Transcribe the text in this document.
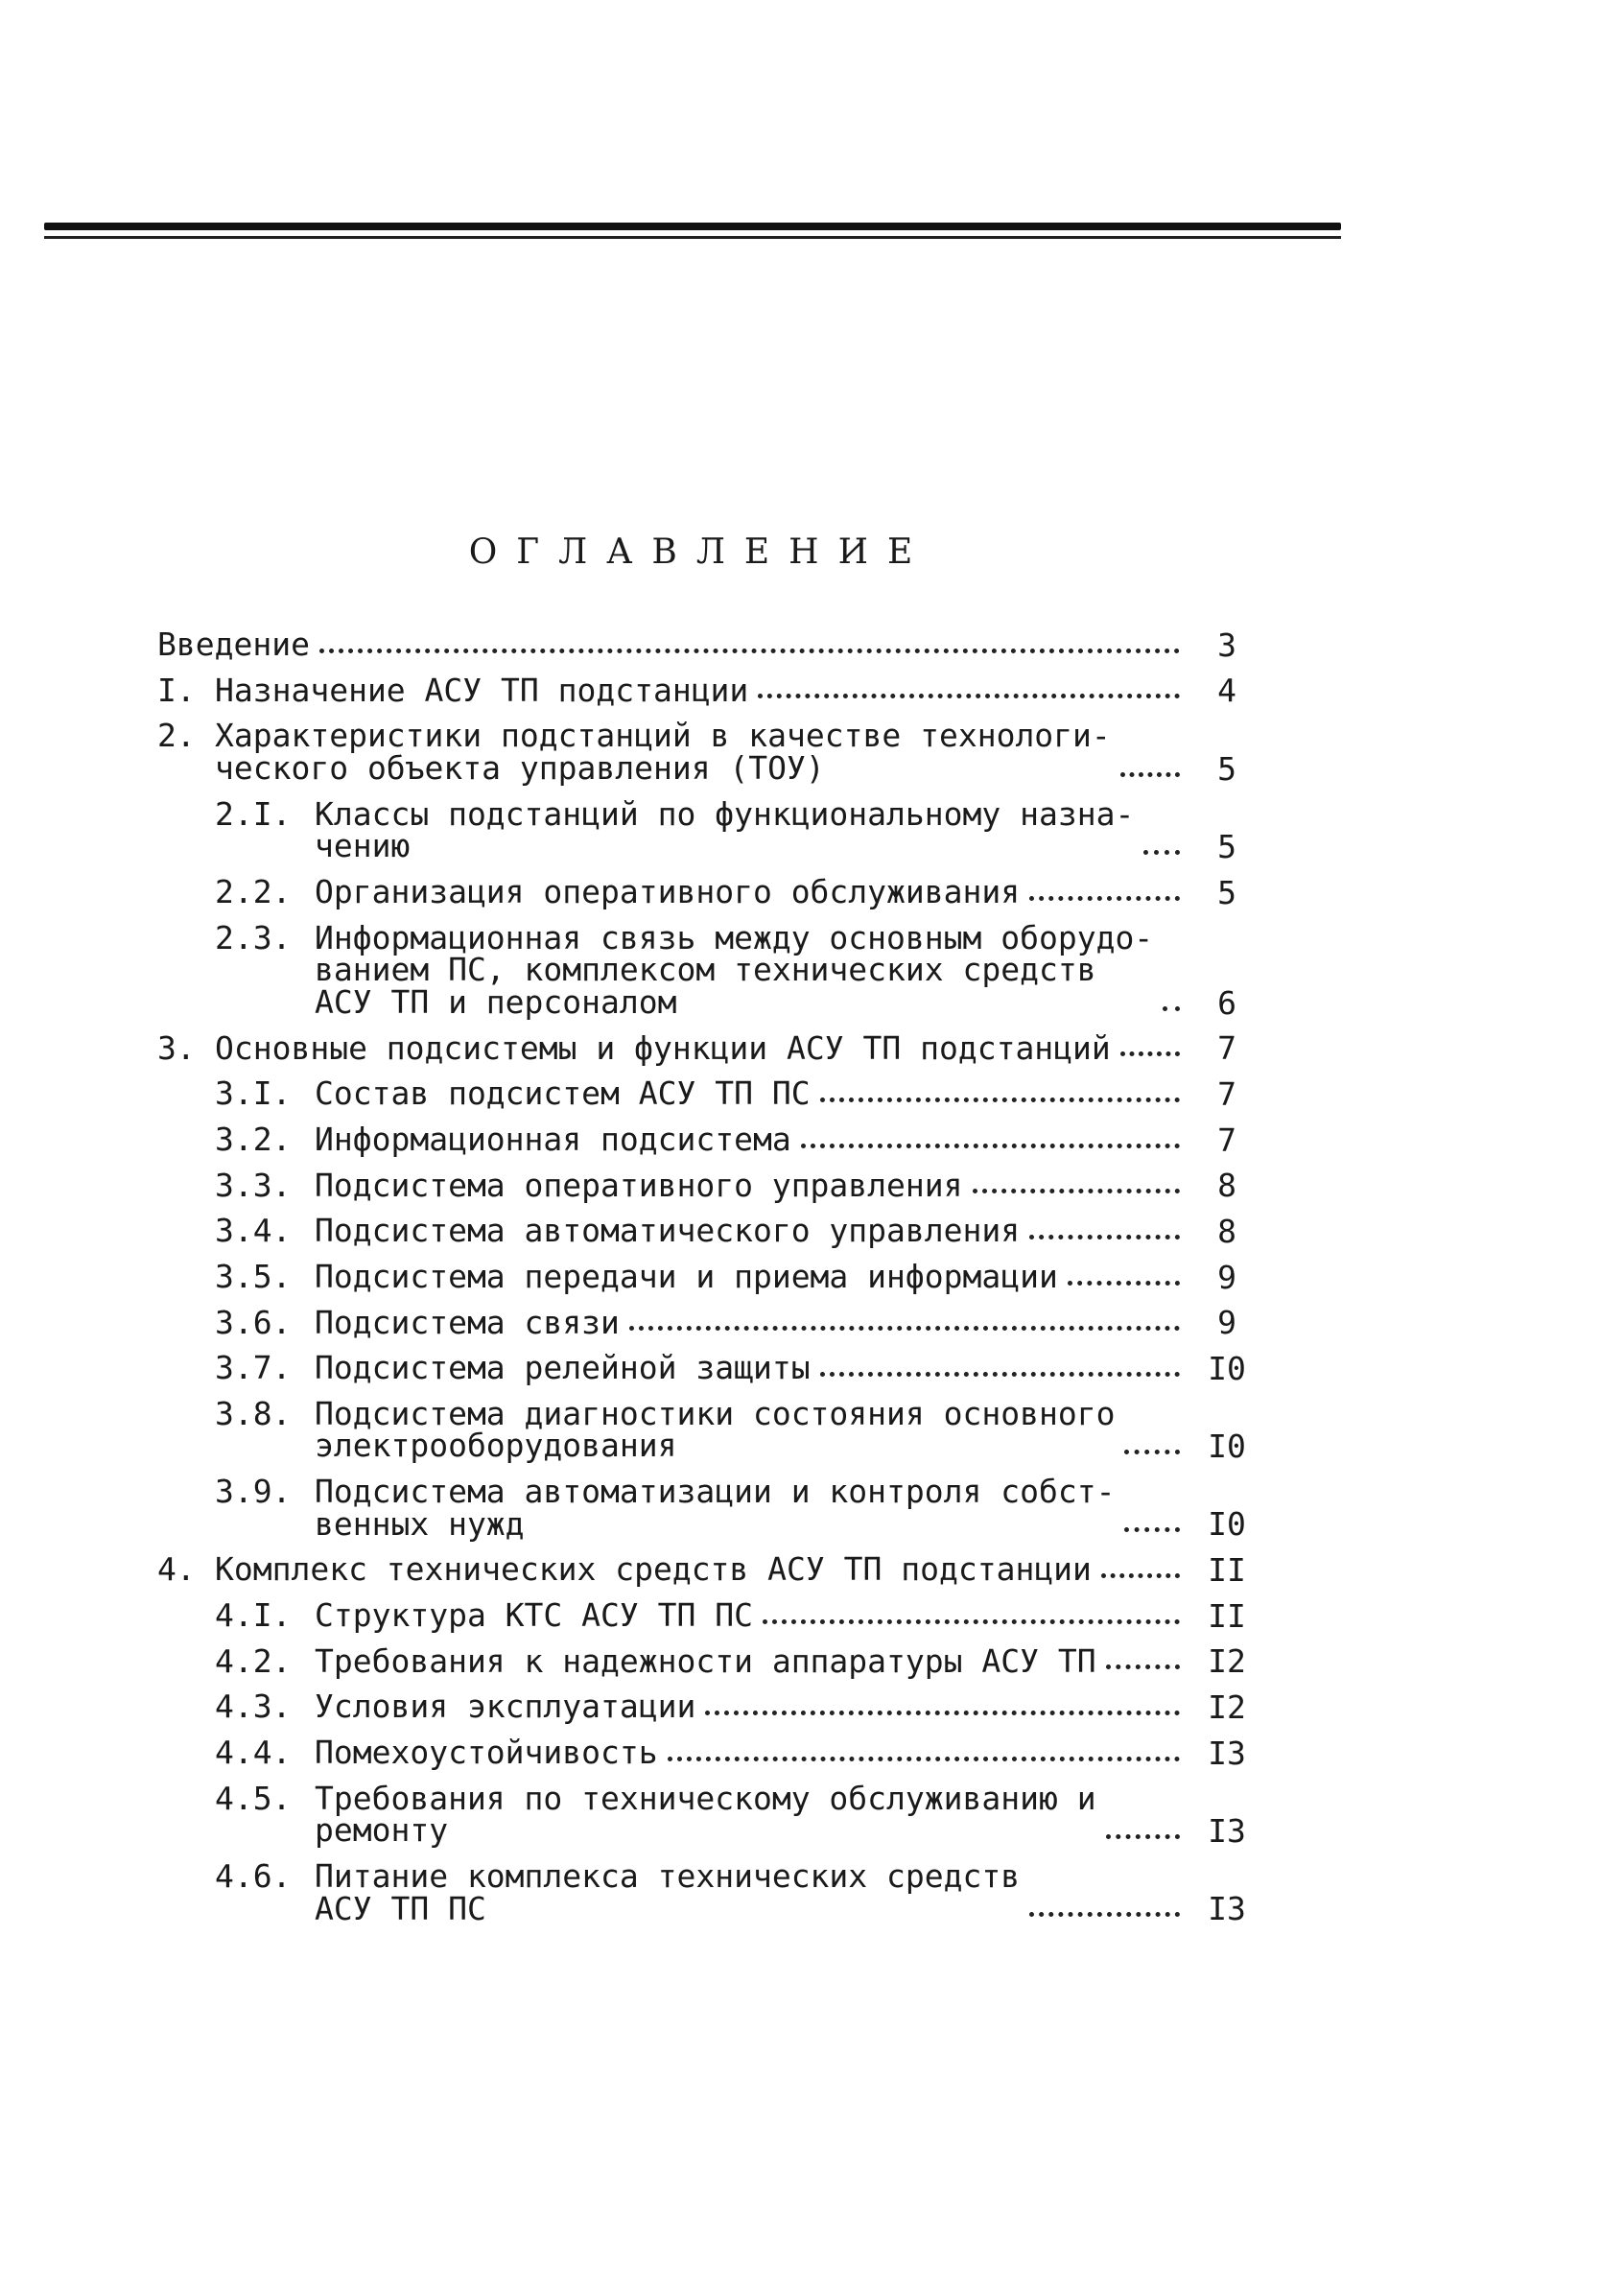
ОГЛАВЛЕНИЕ
Введение	3
I. Назначение АСУ ТП подстанции	4
2. Характеристики подстанций в качестве технологи-
ческого объекта управления (ТОУ)	5
2.I. Классы подстанций по функциональному назна-
чению	5
2.2. Организация оперативного обслуживания	5
2.3. Информационная связь между основным оборудо-
ванием ПС, комплексом технических средств
АСУ ТП и персоналом	6
3. Основные подсистемы и функции АСУ ТП подстанций	7
3.I. Состав подсистем АСУ ТП ПС	7
3.2. Информационная подсистема	7
3.3. Подсистема оперативного управления	8
3.4. Подсистема автоматического управления	8
3.5. Подсистема передачи и приема информации	9
3.6. Подсистема связи	9
3.7. Подсистема релейной защиты	I0
3.8. Подсистема диагностики состояния основного
электрооборудования	I0
3.9. Подсистема автоматизации и контроля собст-
венных нужд	I0
4. Комплекс технических средств АСУ ТП подстанции	II
4.I. Структура КТС АСУ ТП ПС	II
4.2. Требования к надежности аппаратуры АСУ ТП	I2
4.3. Условия эксплуатации	I2
4.4. Помехоустойчивость	I3
4.5. Требования по техническому обслуживанию и
ремонту	I3
4.6. Питание комплекса технических средств
АСУ ТП ПС	I3
